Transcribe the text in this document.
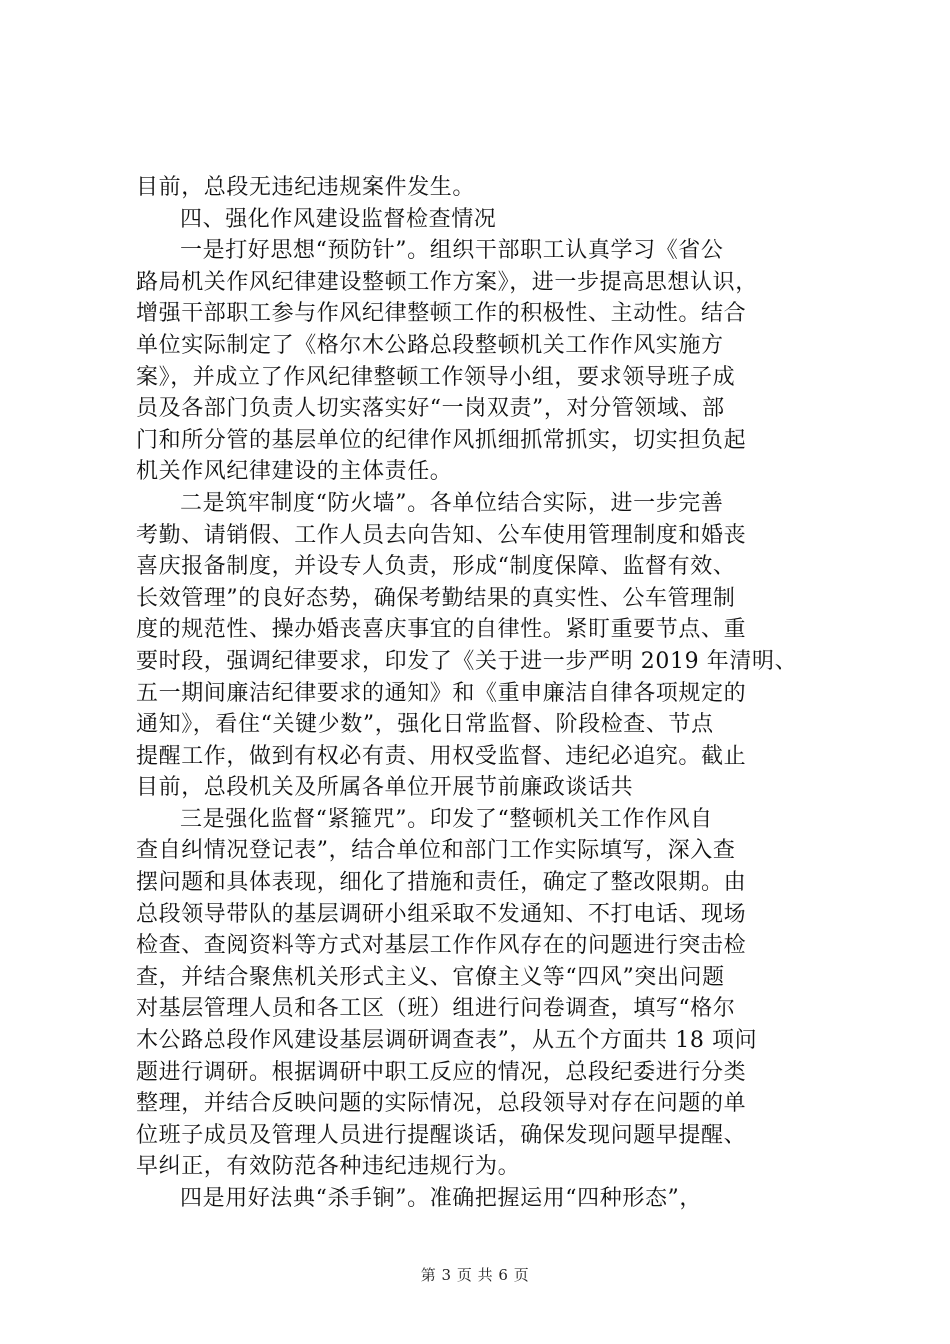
目前，总段无违纪违规案件发生。
四、强化作风建设监督检查情况
一是打好思想“预防针”。组织干部职工认真学习《省公
路局机关作风纪律建设整顿工作方案》，进一步提高思想认识，
增强干部职工参与作风纪律整顿工作的积极性、主动性。结合
单位实际制定了《格尔木公路总段整顿机关工作作风实施方
案》，并成立了作风纪律整顿工作领导小组，要求领导班子成
员及各部门负责人切实落实好“一岗双责”，对分管领域、部
门和所分管的基层单位的纪律作风抓细抓常抓实，切实担负起
机关作风纪律建设的主体责任。
二是筑牢制度“防火墙”。各单位结合实际，进一步完善
考勤、请销假、工作人员去向告知、公车使用管理制度和婚丧
喜庆报备制度，并设专人负责，形成“制度保障、监督有效、
长效管理”的良好态势，确保考勤结果的真实性、公车管理制
度的规范性、操办婚丧喜庆事宜的自律性。紧盯重要节点、重
要时段，强调纪律要求，印发了《关于进一步严明 2019 年清明、
五一期间廉洁纪律要求的通知》和《重申廉洁自律各项规定的
通知》，看住“关键少数”，强化日常监督、阶段检查、节点
提醒工作，做到有权必有责、用权受监督、违纪必追究。截止
目前，总段机关及所属各单位开展节前廉政谈话共
三是强化监督“紧箍咒”。印发了“整顿机关工作作风自
查自纠情况登记表”，结合单位和部门工作实际填写，深入查
摆问题和具体表现，细化了措施和责任，确定了整改限期。由
总段领导带队的基层调研小组采取不发通知、不打电话、现场
检查、查阅资料等方式对基层工作作风存在的问题进行突击检
查，并结合聚焦机关形式主义、官僚主义等“四风”突出问题
对基层管理人员和各工区（班）组进行问卷调查，填写“格尔
木公路总段作风建设基层调研调查表”，从五个方面共 18 项问
题进行调研。根据调研中职工反应的情况，总段纪委进行分类
整理，并结合反映问题的实际情况，总段领导对存在问题的单
位班子成员及管理人员进行提醒谈话，确保发现问题早提醒、
早纠正，有效防范各种违纪违规行为。
四是用好法典“杀手锏”。准确把握运用“四种形态”，
第 3 页 共 6 页
